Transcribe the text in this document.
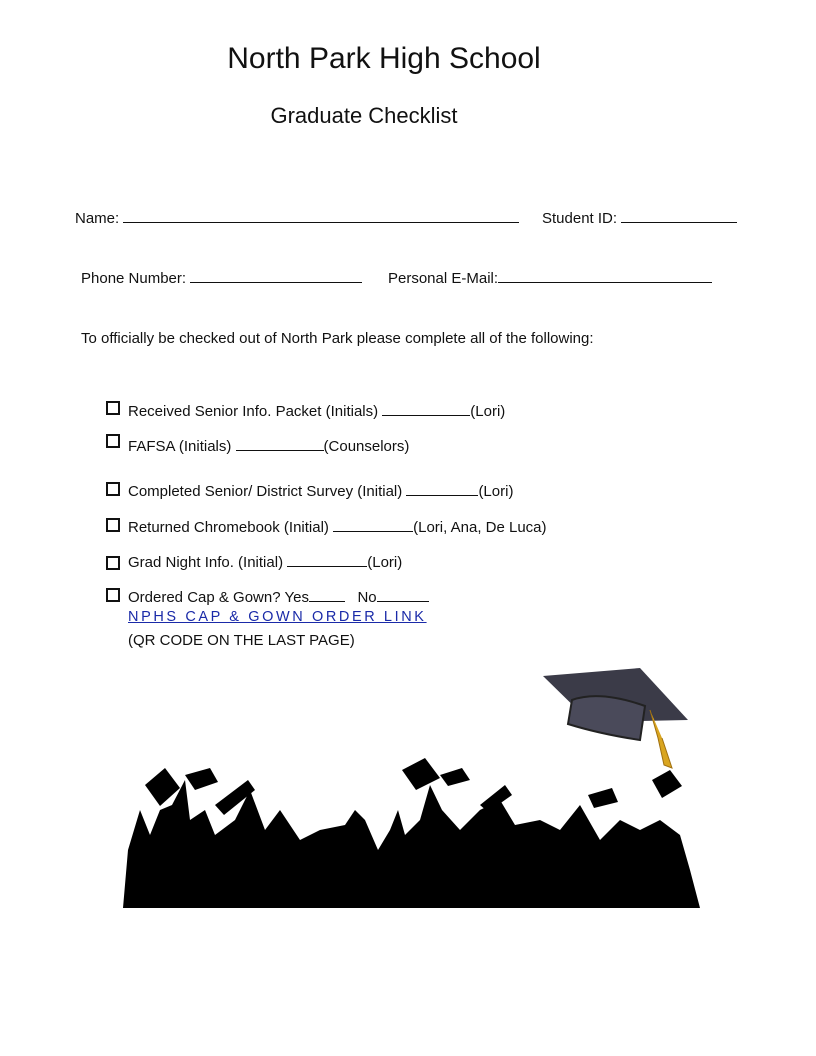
North Park High School
Graduate Checklist
Name:	Student ID:
Phone Number:	Personal E-Mail:
To officially be checked out of North Park please complete all of the following:
Received Senior Info. Packet (Initials)	(Lori)
FAFSA (Initials)	(Counselors)
Completed Senior/ District Survey (Initial)	(Lori)
Returned Chromebook (Initial)	(Lori, Ana, De Luca)
Grad Night Info. (Initial)	(Lori)
Ordered Cap & Gown? Yes	No
NPHS CAP & GOWN ORDER LINK
(QR CODE ON THE LAST PAGE)
